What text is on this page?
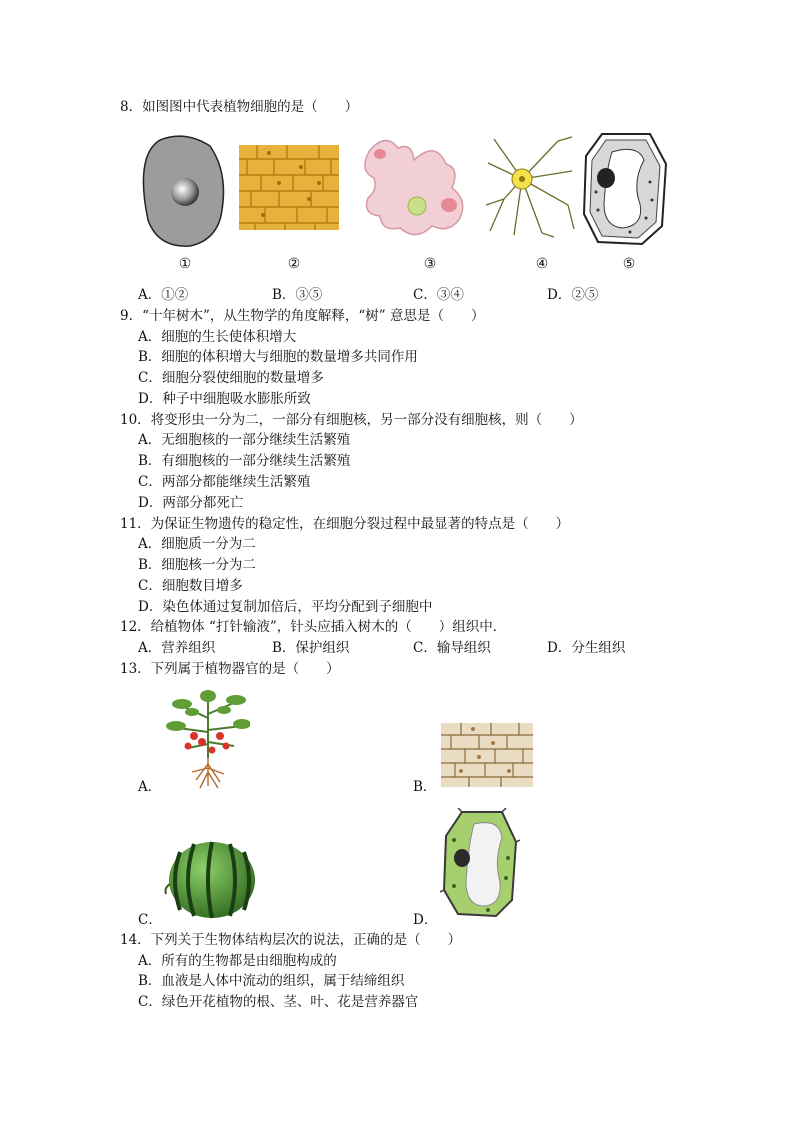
8．如图图中代表植物细胞的是（　　）
①	②	③	④	⑤
A．①②	B．③⑤	C．③④	D．②⑤
9．“十年树木”，从生物学的角度解释，“树” 意思是（　　）
A．细胞的生长使体积增大
B．细胞的体积增大与细胞的数量增多共同作用
C．细胞分裂使细胞的数量增多
D．种子中细胞吸水膨胀所致
10．将变形虫一分为二，一部分有细胞核，另一部分没有细胞核，则（　　）
A．无细胞核的一部分继续生活繁殖
B．有细胞核的一部分继续生活繁殖
C．两部分都能继续生活繁殖
D．两部分都死亡
11．为保证生物遗传的稳定性，在细胞分裂过程中最显著的特点是（　　）
A．细胞质一分为二
B．细胞核一分为二
C．细胞数目增多
D．染色体通过复制加倍后，平均分配到子细胞中
12．给植物体 “打针输液”，针头应插入树木的（　　）组织中．
A．营养组织	B．保护组织	C．输导组织	D．分生组织
13．下列属于植物器官的是（　　）
A．	B．
C．	D．
14．下列关于生物体结构层次的说法，正确的是（　　）
A．所有的生物都是由细胞构成的
B．血液是人体中流动的组织，属于结缔组织
C．绿色开花植物的根、茎、叶、花是营养器官
